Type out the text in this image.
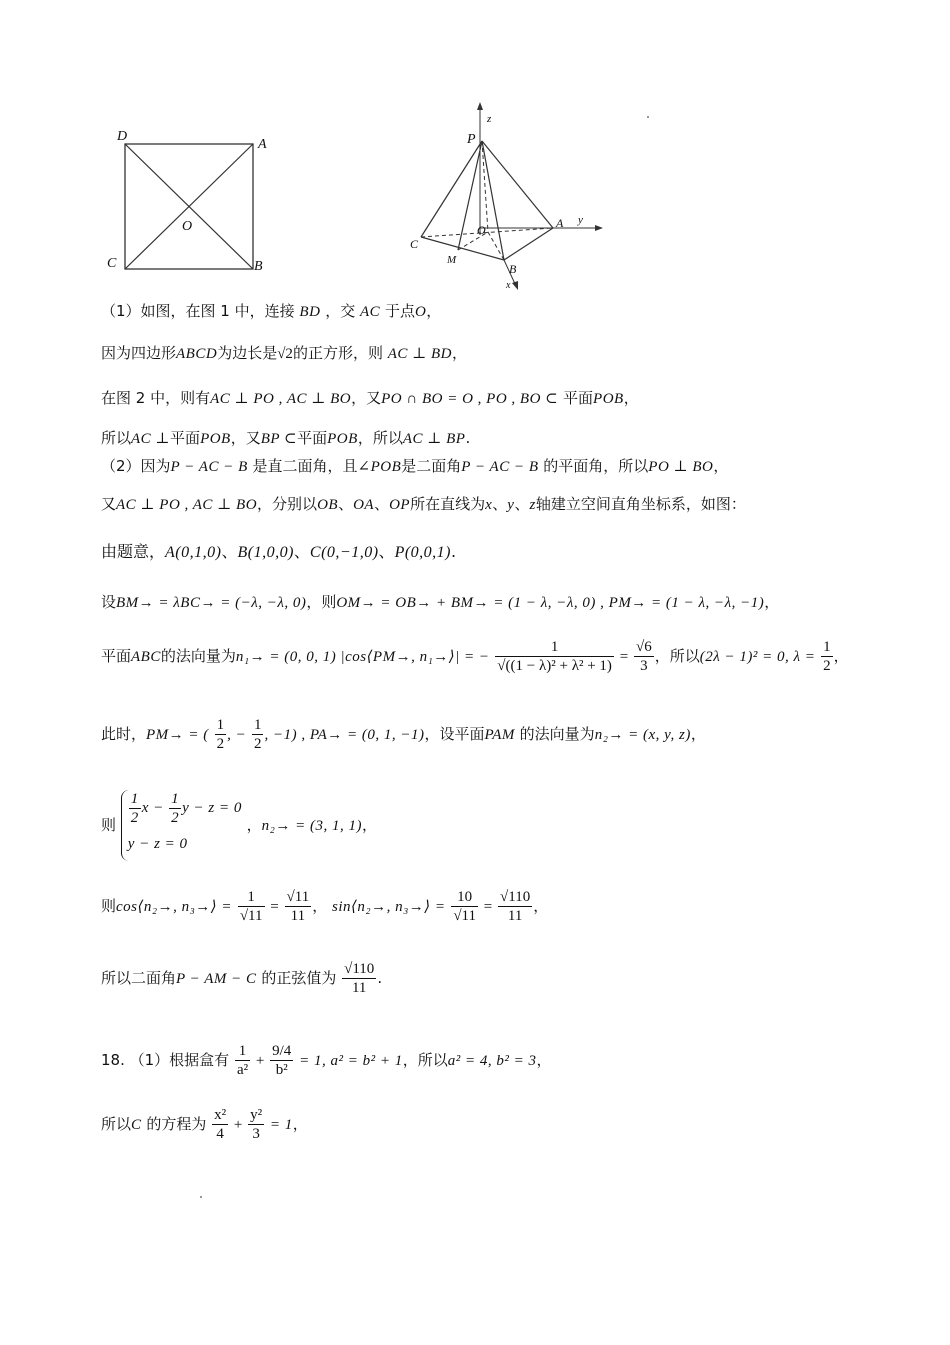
D
A
C	B
O
P
z
y
A
O
C
M
B
x
（1）如图，在图 1 中，连接 BD ，交 AC 于点O，
因为四边形ABCD为边长是√2的正方形，则 AC ⊥ BD，
在图 2 中，则有AC ⊥ PO , AC ⊥ BO，又PO ∩ BO = O , PO , BO ⊂ 平面POB，
所以AC ⊥平面POB，又BP ⊂平面POB，所以AC ⊥ BP.
（2）因为P − AC − B 是直二面角，且∠POB是二面角P − AC − B 的平面角，所以PO ⊥ BO，
又AC ⊥ PO , AC ⊥ BO，分别以OB、OA、OP所在直线为x、y、z轴建立空间直角坐标系，如图：
由题意，A(0,1,0)、B(1,0,0)、C(0,−1,0)、P(0,0,1).
设BM→ = λBC→ = (−λ, −λ, 0)，则OM→ = OB→ + BM→ = (1 − λ, −λ, 0) , PM→ = (1 − λ, −λ, −1)，
平面ABC的法向量为n₁→ = (0, 0, 1) |cos⟨PM→, n₁→⟩| = − $\frac{1}{\text{√((1 − λ)² + λ² + 1)}} = \frac{√6}{3}$ ，所以(2λ − 1)² = 0, $\lambda = \frac{1}{2}$ ，
此时，PM→ = ( $\frac{1}{2}$ , − $\frac{1}{2}$ , −1) , PA→ = (0, 1, −1)，设平面PAM 的法向量为n₂→ = (x, y, z)，
则 $\frac{1}{2}$ $x - \frac{1}{2}$ y − z = 0
y − z = 0
，n₂→ = (3, 1, 1)，
则cos⟨n₂→, n₃→⟩ = $\frac{1}{√11} = \frac{√11}{11}$ ， sin⟨n₂→, n₃→⟩ = $\frac{10}{√11} = \frac{√110}{11}$ ，
所以二面角P − AM − C 的正弦值为 $\frac{√110}{11}$ .
18. （1）根据盒有 $\frac{1}{\text{a²}} + \frac{9/4}{\text{b²}} = 1$, a² = b² + 1，所以a² = 4, b² = 3，
所以C 的方程为 $\frac{\text{x²}}{4} + \frac{\text{y²}}{3} = 1$，
